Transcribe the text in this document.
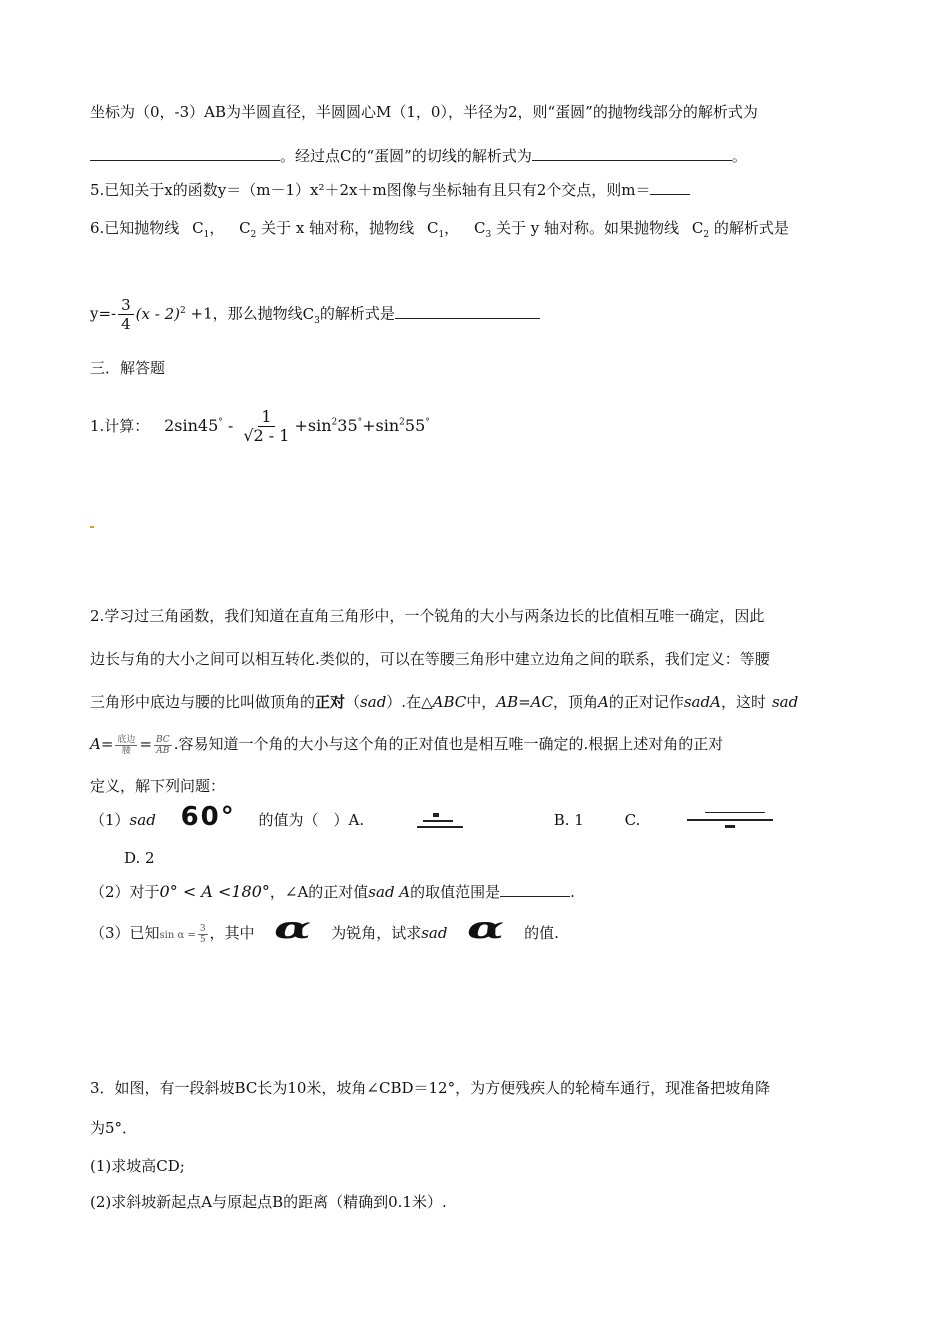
坐标为（0，-3）AB为半圆直径，半圆圆心M（1，0），半径为2，则“蛋圆”的抛物线部分的解析式为
。经过点C的“蛋圆”的切线的解析式为	。
5.已知关于x的函数y＝（m－1）x²＋2x＋m图像与坐标轴有且只有2个交点，则m＝
6.已知抛物线 $C_1$， $C_2$ 关于 x 轴对称，抛物线 $C_1$， $C_3$ 关于 y 轴对称。如果抛物线 $C_2$ 的解析式是
$y=- \frac{3}{4} (x - 2)^2 +1$，那么抛物线$C_3$的解析式是
三．解答题
1.计算： $2\sin 45^\circ - \frac{1}{√2 - 1} +\sin^235^\circ+\sin^255^\circ$
2.学习过三角函数，我们知道在直角三角形中，一个锐角的大小与两条边长的比值相互唯一确定，因此
边长与角的大小之间可以相互转化.类似的，可以在等腰三角形中建立边角之间的联系，我们定义：等腰
三角形中底边与腰的比叫做顶角的正对（sad）.在△ABC中，AB=AC，顶角A的正对记作sadA，这时 sad
$A= \frac{\text{底边}}{\text{腰}} = \frac{BC}{AB}$ .容易知道一个角的大小与这个角的正对值也是相互唯一确定的.根据上述对角的正对
定义，解下列问题：
（1）sad 60° 的值为（　）A.	B. 1	C.
D. 2
（2）对于0° < A <180°，∠A的正对值sad A的取值范围是	.
（3）已知$\sin \alpha = \frac{3}{5}$ ，其中 α 为锐角，试求sad α 的值.
3．如图，有一段斜坡BC长为10米，坡角∠CBD＝12°，为方便残疾人的轮椅车通行，现准备把坡角降
为5°．
(1)求坡高CD;
(2)求斜坡新起点A与原起点B的距离（精确到0.1米）.
